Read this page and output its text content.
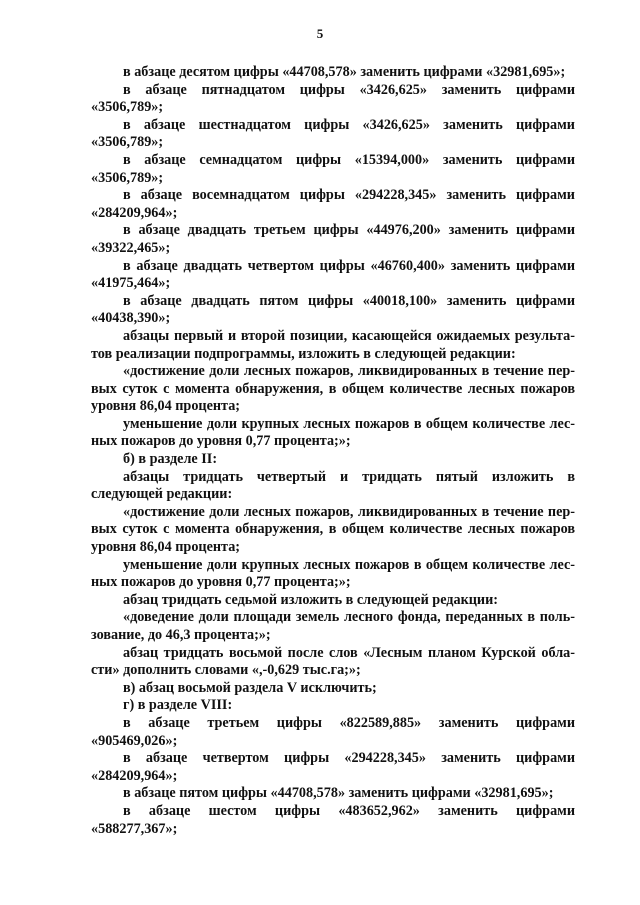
5

в абзаце десятом цифры «44708,578» заменить цифрами «32981,695»;

в абзаце пятнадцатом цифры «3426,625» заменить цифрами «3506,789»;

в абзаце шестнадцатом цифры «3426,625» заменить цифрами «3506,789»;

в абзаце семнадцатом цифры «15394,000» заменить цифрами «3506,789»;

в абзаце восемнадцатом цифры «294228,345» заменить цифрами «284209,964»;

в абзаце двадцать третьем цифры «44976,200» заменить цифрами «39322,465»;

в абзаце двадцать четвертом цифры «46760,400» заменить цифрами «41975,464»;

в абзаце двадцать пятом цифры «40018,100» заменить цифрами «40438,390»;

абзацы первый и второй позиции, касающейся ожидаемых результатов реализации подпрограммы, изложить в следующей редакции:

«достижение доли лесных пожаров, ликвидированных в течение первых суток с момента обнаружения, в общем количестве лесных пожаров уровня 86,04 процента;

уменьшение доли крупных лесных пожаров в общем количестве лесных пожаров до уровня 0,77 процента;»;

б) в разделе II:

абзацы тридцать четвертый и тридцать пятый изложить в следующей редакции:

«достижение доли лесных пожаров, ликвидированных в течение первых суток с момента обнаружения, в общем количестве лесных пожаров уровня 86,04 процента;

уменьшение доли крупных лесных пожаров в общем количестве лесных пожаров до уровня 0,77 процента;»;

абзац тридцать седьмой изложить в следующей редакции:

«доведение доли площади земель лесного фонда, переданных в пользование, до 46,3 процента;»;

абзац тридцать восьмой после слов «Лесным планом Курской области» дополнить словами «,-0,629 тыс.га;»;

в) абзац восьмой раздела V исключить;

г) в разделе VIII:

в абзаце третьем цифры «822589,885» заменить цифрами «905469,026»;

в абзаце четвертом цифры «294228,345» заменить цифрами «284209,964»;

в абзаце пятом цифры «44708,578» заменить цифрами «32981,695»;

в абзаце шестом цифры «483652,962» заменить цифрами «588277,367»;
